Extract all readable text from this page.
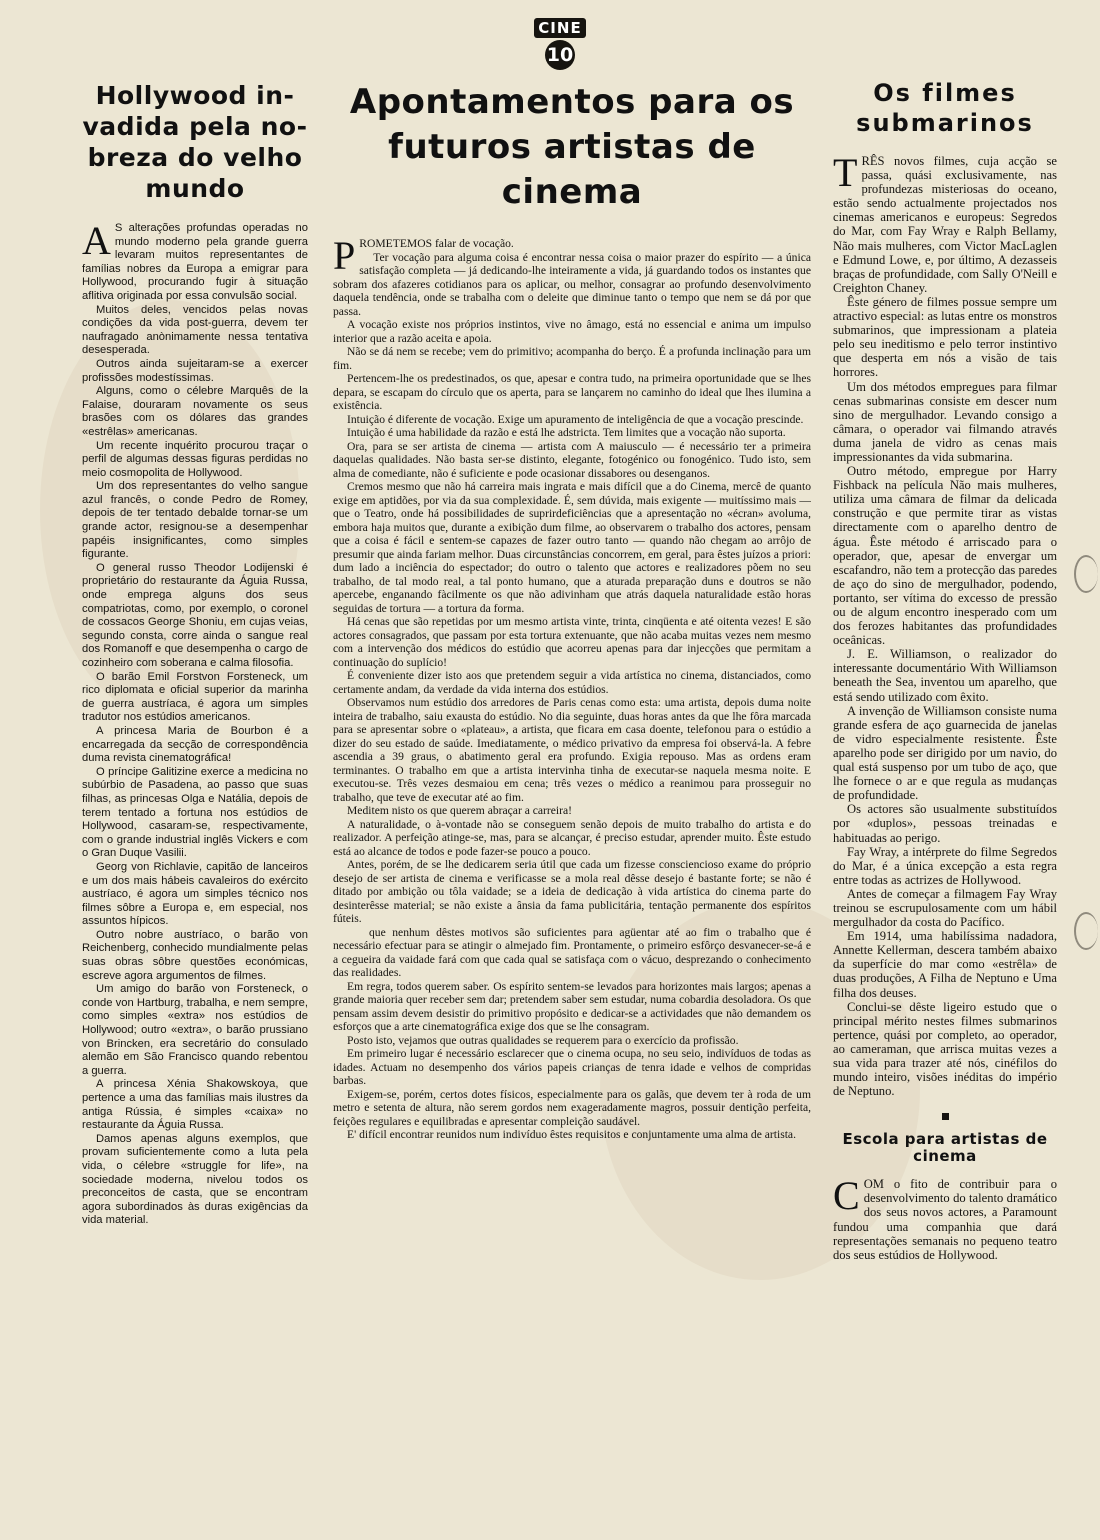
CINE
10
Hollywood in-vadida pela no-breza do velho mundo
A S alterações profundas operadas no mundo moderno pela grande guerra levaram muitos representantes de famílias nobres da Europa a emigrar para Hollywood, procurando fugir à situação aflitiva originada por essa convulsão social.

Muitos deles, vencidos pelas novas condições da vida post-guerra, devem ter naufragado anònimamente nessa tentativa desesperada.

Outros ainda sujeitaram-se a exercer profissões modestíssimas.

Alguns, como o célebre Marquês de la Falaise, douraram novamente os seus brasões com os dólares das grandes «estrêlas» americanas.

Um recente inquérito procurou traçar o perfil de algumas dessas figuras perdidas no meio cosmopolita de Hollywood.

Um dos representantes do velho sangue azul francês, o conde Pedro de Romey, depois de ter tentado debalde tornar-se um grande actor, resignou-se a desempenhar papéis insignificantes, como simples figurante.

O general russo Theodor Lodijenski é proprietário do restaurante da Águia Russa, onde emprega alguns dos seus compatriotas, como, por exemplo, o coronel de cossacos George Shoniu, em cujas veias, segundo consta, corre ainda o sangue real dos Romanoff e que desempenha o cargo de cozinheiro com soberana e calma filosofia.

O barão Emil Forstvon Forsteneck, um rico diplomata e oficial superior da marinha de guerra austríaca, é agora um simples tradutor nos estúdios americanos.

A princesa Maria de Bourbon é a encarregada da secção de correspondência duma revista cinematográfica!

O príncipe Galitizine exerce a medicina no subúrbio de Pasadena, ao passo que suas filhas, as princesas Olga e Natália, depois de terem tentado a fortuna nos estúdios de Hollywood, casaram-se, respectivamente, com o grande industrial inglês Vickers e com o Gran Duque Vasilii.

Georg von Richlavie, capitão de lanceiros e um dos mais hábeis cavaleiros do exército austríaco, é agora um simples técnico nos filmes sôbre a Europa e, em especial, nos assuntos hípicos.

Outro nobre austríaco, o barão von Reichenberg, conhecido mundialmente pelas suas obras sôbre questões económicas, escreve agora argumentos de filmes.

Um amigo do barão von Forsteneck, o conde von Hartburg, trabalha, e nem sempre, como simples «extra» nos estúdios de Hollywood; outro «extra», o barão prussiano von Brincken, era secretário do consulado alemão em São Francisco quando rebentou a guerra.

A princesa Xénia Shakowskoya, que pertence a uma das famílias mais ilustres da antiga Rússia, é simples «caixa» no restaurante da Águia Russa.

Damos apenas alguns exemplos, que provam suficientemente como a luta pela vida, o célebre «struggle for life», na sociedade moderna, nivelou todos os preconceitos de casta, que se encontram agora subordinados às duras exigências da vida material.

Apontamentos para os futuros artistas de cinema
P ROMETEMOS falar de vocação.

Ter vocação para alguma coisa é encontrar nessa coisa o maior prazer do espírito — a única satisfação completa — já dedicando-lhe inteiramente a vida, já guardando todos os instantes que sobram dos afazeres cotidianos para os aplicar, ou melhor, consagrar ao profundo desenvolvimento daquela tendência, onde se trabalha com o deleite que diminue tanto o tempo que nem se dá por que passa.

A vocação existe nos próprios instintos, vive no âmago, está no essencial e anima um impulso interior que a razão aceita e apoia.

Não se dá nem se recebe; vem do primitivo; acompanha do berço. É a profunda inclinação para um fim.

Pertencem-lhe os predestinados, os que, apesar e contra tudo, na primeira oportunidade que se lhes depara, se escapam do círculo que os aperta, para se lançarem no caminho do ideal que lhes ilumina a existência.

Intuição é diferente de vocação. Exige um apuramento de inteligência de que a vocação prescinde.

Intuição é uma habilidade da razão e está lhe adstricta. Tem limites que a vocação não suporta.

Ora, para se ser artista de cinema — artista com A maiusculo — é necessário ter a primeira daquelas qualidades. Não basta ser-se distinto, elegante, fotogénico ou fonogénico. Tudo isto, sem alma de comediante, não é suficiente e pode ocasionar dissabores ou desenganos.

Cremos mesmo que não há carreira mais ingrata e mais difícil que a do Cinema, mercê de quanto exige em aptidões, por via da sua complexidade. É, sem dúvida, mais exigente — muitíssimo mais — que o Teatro, onde há possibilidades de suprirdeficiências que a apresentação no «écran» avoluma, embora haja muitos que, durante a exibição dum filme, ao observarem o trabalho dos actores, pensam que a coisa é fácil e sentem-se capazes de fazer outro tanto — quando não chegam ao arrôjo de presumir que ainda fariam melhor. Duas circunstâncias concorrem, em geral, para êstes juízos a priori: dum lado a inciência do espectador; do outro o talento que actores e realizadores põem no seu trabalho, de tal modo real, a tal ponto humano, que a aturada preparação duns e doutros se não apercebe, enganando fàcilmente os que não adivinham que atrás daquela naturalidade estão horas seguidas de tortura — a tortura da forma.

Há cenas que são repetidas por um mesmo artista vinte, trinta, cinqüenta e até oitenta vezes! E são actores consagrados, que passam por esta tortura extenuante, que não acaba muitas vezes nem mesmo com a intervenção dos médicos do estúdio que acorreu apenas para dar injecções que permitam a continuação do suplício!

É conveniente dizer isto aos que pretendem seguir a vida artística no cinema, distanciados, como certamente andam, da verdade da vida interna dos estúdios.

Observamos num estúdio dos arredores de Paris cenas como esta: uma artista, depois duma noite inteira de trabalho, saiu exausta do estúdio. No dia seguinte, duas horas antes da que lhe fôra marcada para se apresentar sobre o «plateau», a artista, que ficara em casa doente, telefonou para o estúdio a dizer do seu estado de saúde. Imediatamente, o médico privativo da empresa foi observá-la. A febre ascendia a 39 graus, o abatimento geral era profundo. Exigia repouso. Mas as ordens eram terminantes. O trabalho em que a artista intervinha tinha de executar-se naquela mesma noite. E executou-se. Três vezes desmaiou em cena; três vezes o médico a reanimou para prosseguir no trabalho, que teve de executar até ao fim.

Meditem nisto os que querem abraçar a carreira!

A naturalidade, o à-vontade não se conseguem senão depois de muito trabalho do artista e do realizador. A perfeição atinge-se, mas, para se alcançar, é preciso estudar, aprender muito. Êste estudo está ao alcance de todos e pode fazer-se pouco a pouco.

Antes, porém, de se lhe dedicarem seria útil que cada um fizesse consciencioso exame do próprio desejo de ser artista de cinema e verificasse se a mola real dêsse desejo é bastante forte; se não é ditado por ambição ou tôla vaidade; se a ideia de dedicação à vida artística do cinema parte do desinterêsse material; se não existe a ânsia da fama publicitária, tentação permanente dos espíritos fúteis.

que nenhum dêstes motivos são suficientes para agüentar até ao fim o trabalho que é necessário efectuar para se atingir o almejado fim. Prontamente, o primeiro esfôrço desvanecer-se-á e a cegueira da vaidade fará com que cada qual se satisfaça com o vácuo, desprezando o conhecimento das realidades.

Em regra, todos querem saber. Os espírito sentem-se levados para horizontes mais largos; apenas a grande maioria quer receber sem dar; pretendem saber sem estudar, numa cobardia desoladora. Os que pensam assim devem desistir do primitivo propósito e dedicar-se a actividades que não demandem os esforços que a arte cinematográfica exige dos que se lhe consagram.

Posto isto, vejamos que outras qualidades se requerem para o exercício da profissão.

Em primeiro lugar é necessário esclarecer que o cinema ocupa, no seu seio, indivíduos de todas as idades. Actuam no desempenho dos vários papeis crianças de tenra idade e velhos de compridas barbas.

Exigem-se, porém, certos dotes físicos, especialmente para os galãs, que devem ter à roda de um metro e setenta de altura, não serem gordos nem exageradamente magros, possuir dentição perfeita, feições regulares e equilibradas e apresentar compleição saudável.

E' difícil encontrar reunidos num indivíduo êstes requisitos e conjuntamente uma alma de artista.

Os filmes submarinos
T RÊS novos filmes, cuja acção se passa, quási exclusivamente, nas profundezas misteriosas do oceano, estão sendo actualmente projectados nos cinemas americanos e europeus: Segredos do Mar, com Fay Wray e Ralph Bellamy, Não mais mulheres, com Victor MacLaglen e Edmund Lowe, e, por último, A dezasseis braças de profundidade, com Sally O'Neill e Creighton Chaney.

Êste género de filmes possue sempre um atractivo especial: as lutas entre os monstros submarinos, que impressionam a plateia pelo seu ineditismo e pelo terror instintivo que desperta em nós a visão de tais horrores.

Um dos métodos empregues para filmar cenas submarinas consiste em descer num sino de mergulhador. Levando consigo a câmara, o operador vai filmando através duma janela de vidro as cenas mais impressionantes da vida submarina.

Outro método, empregue por Harry Fishback na película Não mais mulheres, utiliza uma câmara de filmar da delicada construção e que permite tirar as vistas directamente com o aparelho dentro de água. Êste método é arriscado para o operador, que, apesar de envergar um escafandro, não tem a protecção das paredes de aço do sino de mergulhador, podendo, portanto, ser vítima do excesso de pressão ou de algum encontro inesperado com um dos ferozes habitantes das profundidades oceânicas.

J. E. Williamson, o realizador do interessante documentário With Williamson beneath the Sea, inventou um aparelho, que está sendo utilizado com êxito.

A invenção de Williamson consiste numa grande esfera de aço guarnecida de janelas de vidro especialmente resistente. Êste aparelho pode ser dirigido por um navio, do qual está suspenso por um tubo de aço, que lhe fornece o ar e que regula as mudanças de profundidade.

Os actores são usualmente substituídos por «duplos», pessoas treinadas e habituadas ao perigo.

Fay Wray, a intérprete do filme Segredos do Mar, é a única excepção a esta regra entre todas as actrizes de Hollywood.

Antes de começar a filmagem Fay Wray treinou se escrupulosamente com um hábil mergulhador da costa do Pacífico.

Em 1914, uma habilíssima nadadora, Annette Kellerman, descera também abaixo da superfície do mar como «estrêla» de duas produções, A Filha de Neptuno e Uma filha dos deuses.

Conclui-se dêste ligeiro estudo que o principal mérito nestes filmes submarinos pertence, quási por completo, ao operador, ao cameraman, que arrisca muitas vezes a sua vida para trazer até nós, cinéfilos do mundo inteiro, visões inéditas do império de Neptuno.

Escola para artistas de cinema
C OM o fito de contribuir para o desenvolvimento do talento dramático dos seus novos actores, a Paramount fundou uma companhia que dará representações semanais no pequeno teatro dos seus estúdios de Hollywood.
